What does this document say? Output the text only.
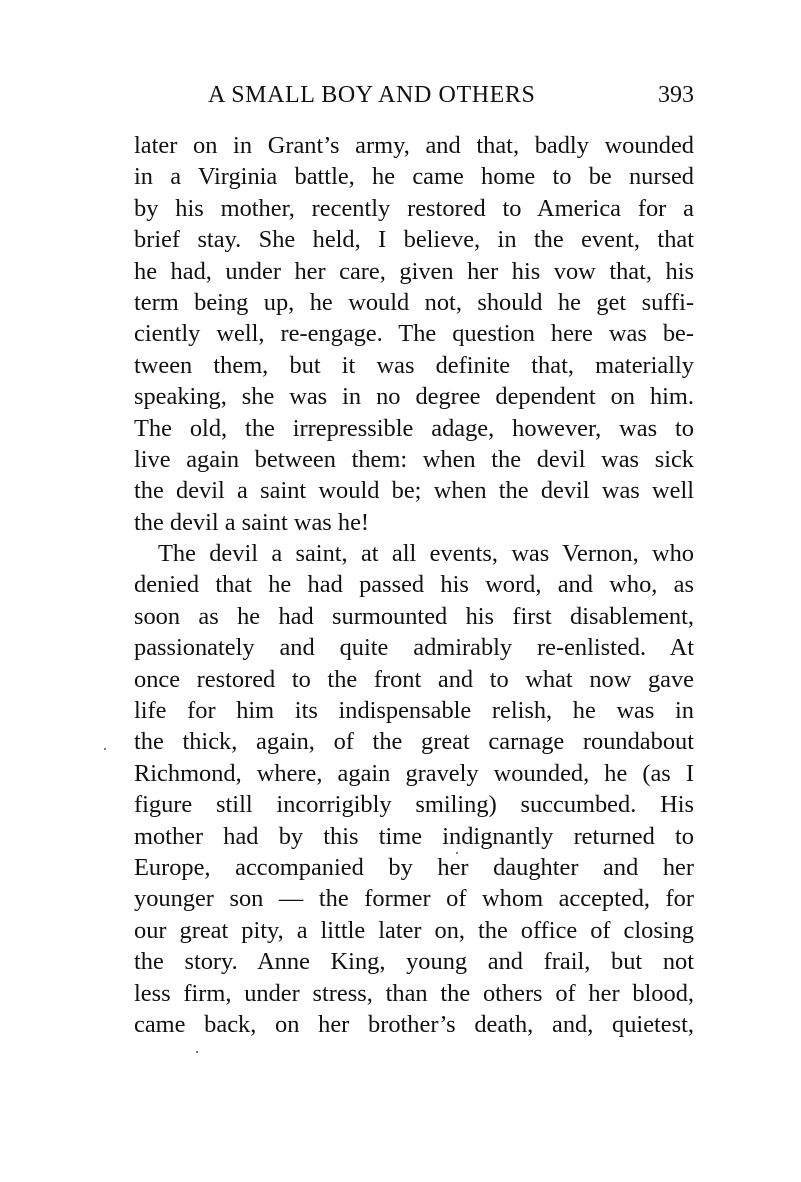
A SMALL BOY AND OTHERS	393
later on in Grant’s army, and that, badly wounded
in a Virginia battle, he came home to be nursed
by his mother, recently restored to America for a
brief stay. She held, I believe, in the event, that
he had, under her care, given her his vow that, his
term being up, he would not, should he get suffi-
ciently well, re-engage. The question here was be-
tween them, but it was definite that, materially
speaking, she was in no degree dependent on him.
The old, the irrepressible adage, however, was to
live again between them: when the devil was sick
the devil a saint would be; when the devil was well
the devil a saint was he!
The devil a saint, at all events, was Vernon, who
denied that he had passed his word, and who, as
soon as he had surmounted his first disablement,
passionately and quite admirably re-enlisted. At
once restored to the front and to what now gave
life for him its indispensable relish, he was in
the thick, again, of the great carnage roundabout
Richmond, where, again gravely wounded, he (as I
figure still incorrigibly smiling) succumbed. His
mother had by this time indignantly returned to
Europe, accompanied by her daughter and her
younger son — the former of whom accepted, for
our great pity, a little later on, the office of closing
the story. Anne King, young and frail, but not
less firm, under stress, than the others of her blood,
came back, on her brother’s death, and, quietest,
